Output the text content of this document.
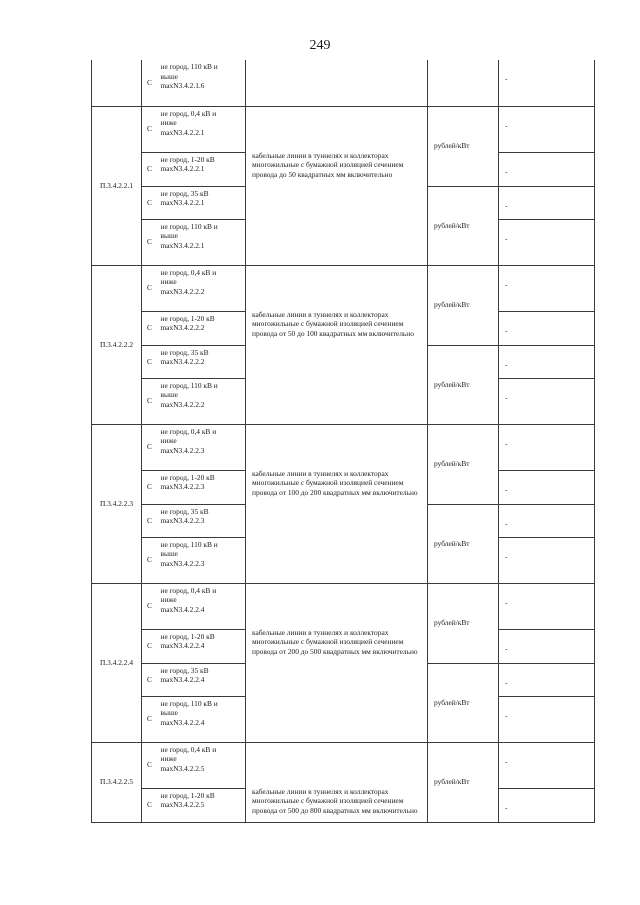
249
	С	не город, 110 кВ и
выше
maxN3.4.2.1.6			-
П.3.4.2.2.1	С	не город, 0,4 кВ и
ниже
maxN3.4.2.2.1	кабельные линии в туннелях и коллекторах многожильные с бумажной изоляцией сечением провода до 50 квадратных мм включительно	рублей/кВт	-
	С	не город, 1-20 кВ
maxN3.4.2.2.1			-
	С	не город, 35 кВ
maxN3.4.2.2.1		рублей/кВт	-
	С	не город, 110 кВ и
выше
maxN3.4.2.2.1			-
П.3.4.2.2.2	С	не город, 0,4 кВ и
ниже
maxN3.4.2.2.2	кабельные линии в туннелях и коллекторах многожильные с бумажной изоляцией сечением провода от 50 до 100 квадратных мм включительно	рублей/кВт	-
	С	не город, 1-20 кВ
maxN3.4.2.2.2			-
	С	не город, 35 кВ
maxN3.4.2.2.2		рублей/кВт	-
	С	не город, 110 кВ и
выше
maxN3.4.2.2.2			-
П.3.4.2.2.3	С	не город, 0,4 кВ и
ниже
maxN3.4.2.2.3	кабельные линии в туннелях и коллекторах многожильные с бумажной изоляцией сечением провода от 100 до 200 квадратных мм включительно	рублей/кВт	-
	С	не город, 1-20 кВ
maxN3.4.2.2.3			-
	С	не город, 35 кВ
maxN3.4.2.2.3		рублей/кВт	-
	С	не город, 110 кВ и
выше
maxN3.4.2.2.3			-
П.3.4.2.2.4	С	не город, 0,4 кВ и
ниже
maxN3.4.2.2.4	кабельные линии в туннелях и коллекторах многожильные с бумажной изоляцией сечением провода от 200 до 500 квадратных мм включительно	рублей/кВт	-
	С	не город, 1-20 кВ
maxN3.4.2.2.4			-
	С	не город, 35 кВ
maxN3.4.2.2.4		рублей/кВт	-
	С	не город, 110 кВ и
выше
maxN3.4.2.2.4			-
П.3.4.2.2.5	С	не город, 0,4 кВ и
ниже
maxN3.4.2.2.5	кабельные линии в туннелях и коллекторах многожильные с бумажной изоляцией сечением провода от 500 до 800 квадратных мм включительно	рублей/кВт	-
	С	не город, 1-20 кВ
maxN3.4.2.2.5			-
